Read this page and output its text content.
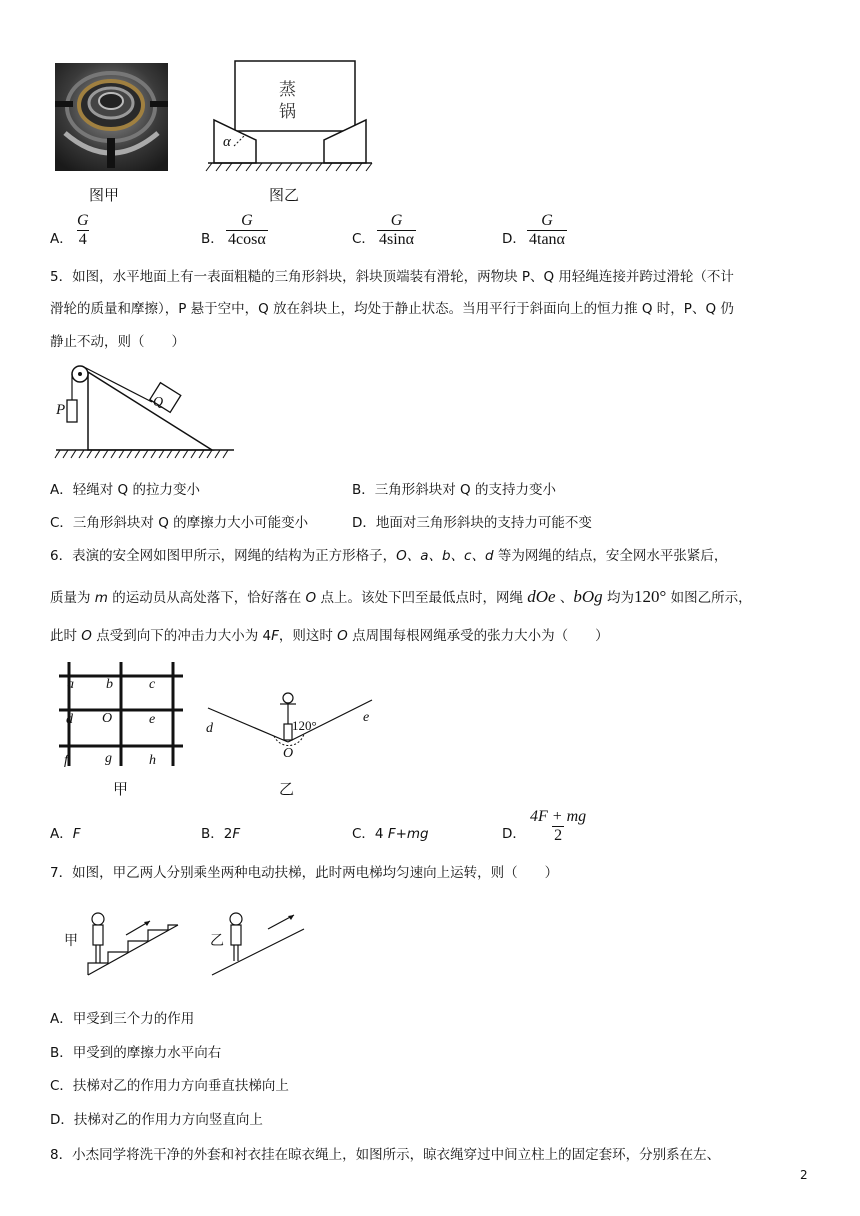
图甲
蒸
锅
α
图乙
A． $\frac{G}{4}$	B． $\frac{G}{4\cos\alpha}$	C． $\frac{G}{4\sin\alpha}$	D． $\frac{G}{4\tan\alpha}$
5．如图，水平地面上有一表面粗糙的三角形斜块，斜块顶端装有滑轮，两物块 P、Q 用轻绳连接并跨过滑轮（不计
滑轮的质量和摩擦），P 悬于空中，Q 放在斜块上，均处于静止状态。当用平行于斜面向上的恒力推 Q 时，P、Q 仍
静止不动，则（　　）
P	Q
A．轻绳对 Q 的拉力变小	B．三角形斜块对 Q 的支持力变小
C．三角形斜块对 Q 的摩擦力大小可能变小	D．地面对三角形斜块的支持力可能不变
6．表演的安全网如图甲所示，网绳的结构为正方形格子，O、a、b、c、d 等为网绳的结点，安全网水平张紧后，
质量为 m 的运动员从高处落下，恰好落在 O 点上。该处下凹至最低点时，网绳 dOe 、bOg 均为120° 如图乙所示，
此时 O 点受到向下的冲击力大小为 4F，则这时 O 点周围每根网绳承受的张力大小为（　　）
a b	c
d O	e
f	g	h
甲
d
e
O
120°
乙
A．F	B．2F	C．4 F+mg	D． $\frac{4F + mg}{2}$
7．如图，甲乙两人分别乘坐两种电动扶梯，此时两电梯均匀速向上运转，则（　　）
甲	乙
A．甲受到三个力的作用
B．甲受到的摩擦力水平向右
C．扶梯对乙的作用力方向垂直扶梯向上
D．扶梯对乙的作用力方向竖直向上
8．小杰同学将洗干净的外套和衬衣挂在晾衣绳上，如图所示，晾衣绳穿过中间立柱上的固定套环，分别系在左、
2
